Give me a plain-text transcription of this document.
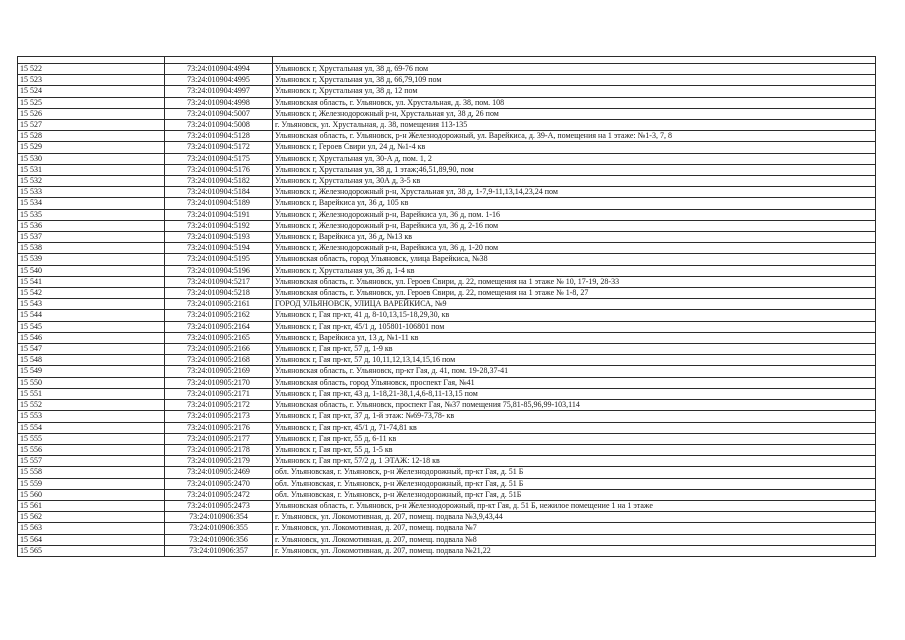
15 522	73:24:010904:4994	Ульяновск г, Хрустальная ул, 38 д, 69-76 пом
15 523	73:24:010904:4995	Ульяновск г, Хрустальная ул, 38 д, 66,79,109 пом
15 524	73:24:010904:4997	Ульяновск г, Хрустальная ул, 38 д, 12 пом
15 525	73:24:010904:4998	Ульяновская область, г. Ульяновск, ул. Хрустальная, д. 38, пом. 108
15 526	73:24:010904:5007	Ульяновск г, Железнодорожный р-н, Хрустальная ул, 38 д, 26 пом
15 527	73:24:010904:5008	г. Ульяновск, ул. Хрустальная, д. 38, помещения 113-135
15 528	73:24:010904:5128	Ульяновская область, г. Ульяновск, р-н Железнодорожный, ул. Варейкиса, д. 39-А, помещения на 1 этаже: №1-3, 7, 8
15 529	73:24:010904:5172	Ульяновск г, Героев Свири ул, 24 д, №1-4 кв
15 530	73:24:010904:5175	Ульяновск г, Хрустальная ул, 30-А д, пом. 1, 2
15 531	73:24:010904:5176	Ульяновск г, Хрустальная ул, 38 д, 1 этаж;46,51,89,90, пом
15 532	73:24:010904:5182	Ульяновск г, Хрустальная ул, 30А д, 3-5 кв
15 533	73:24:010904:5184	Ульяновск г, Железнодорожный р-н, Хрустальная ул, 38 д, 1-7,9-11,13,14,23,24 пом
15 534	73:24:010904:5189	Ульяновск г, Варейкиса ул, 36 д, 105 кв
15 535	73:24:010904:5191	Ульяновск г, Железнодорожный р-н, Варейкиса ул, 36 д, пом. 1-16
15 536	73:24:010904:5192	Ульяновск г, Железнодорожный р-н, Варейкиса ул, 36 д, 2-16 пом
15 537	73:24:010904:5193	Ульяновск г, Варейкиса ул, 36 д, №13 кв
15 538	73:24:010904:5194	Ульяновск г, Железнодорожный р-н, Варейкиса ул, 36 д, 1-20 пом
15 539	73:24:010904:5195	Ульяновская область, город Ульяновск, улица Варейкиса, №38
15 540	73:24:010904:5196	Ульяновск г, Хрустальная ул, 36 д, 1-4 кв
15 541	73:24:010904:5217	Ульяновская область, г. Ульяновск, ул. Героев Свири, д. 22, помещения на 1 этаже № 10, 17-19, 28-33
15 542	73:24:010904:5218	Ульяновская область, г. Ульяновск, ул. Героев Свири, д. 22, помещения на 1 этаже № 1-8, 27
15 543	73:24:010905:2161	ГОРОД УЛЬЯНОВСК, УЛИЦА ВАРЕЙКИСА, №9
15 544	73:24:010905:2162	Ульяновск г, Гая пр-кт, 41 д, 8-10,13,15-18,29,30, кв
15 545	73:24:010905:2164	Ульяновск г, Гая пр-кт, 45/1 д, 105801-106801 пом
15 546	73:24:010905:2165	Ульяновск г, Варейкиса ул, 13 д, №1-11 кв
15 547	73:24:010905:2166	Ульяновск г, Гая пр-кт, 57 д, 1-9 кв
15 548	73:24:010905:2168	Ульяновск г, Гая пр-кт, 57 д, 10,11,12,13,14,15,16 пом
15 549	73:24:010905:2169	Ульяновская область, г. Ульяновск, пр-кт Гая, д. 41, пом. 19-28,37-41
15 550	73:24:010905:2170	Ульяновская область, город Ульяновск, проспект Гая, №41
15 551	73:24:010905:2171	Ульяновск г, Гая пр-кт, 43 д, 1-18,21-38,1,4,6-8,11-13,15 пом
15 552	73:24:010905:2172	Ульяновская область, г. Ульяновск, проспект Гая, №37 помещения 75,81-85,96,99-103,114
15 553	73:24:010905:2173	Ульяновск г, Гая пр-кт, 37 д, 1-й этаж: №69-73,78- кв
15 554	73:24:010905:2176	Ульяновск г, Гая пр-кт, 45/1 д, 71-74,81 кв
15 555	73:24:010905:2177	Ульяновск г, Гая пр-кт, 55 д, 6-11 кв
15 556	73:24:010905:2178	Ульяновск г, Гая пр-кт, 55 д, 1-5 кв
15 557	73:24:010905:2179	Ульяновск г, Гая пр-кт, 57/2 д, 1 ЭТАЖ: 12-18 кв
15 558	73:24:010905:2469	обл. Ульяновская, г. Ульяновск, р-н Железнодорожный, пр-кт Гая, д. 51 Б
15 559	73:24:010905:2470	обл. Ульяновская, г. Ульяновск, р-н Железнодорожный, пр-кт Гая, д. 51 Б
15 560	73:24:010905:2472	обл. Ульяновская, г. Ульяновск, р-н Железнодорожный, пр-кт Гая, д. 51Б
15 561	73:24:010905:2473	Ульяновская область, г. Ульяновск, р-н Железнодорожный, пр-кт Гая, д. 51 Б, нежилое помещение 1 на 1 этаже
15 562	73:24:010906:354	г. Ульяновск, ул. Локомотивная, д. 207, помещ. подвала №3,9,43,44
15 563	73:24:010906:355	г. Ульяновск, ул. Локомотивная, д. 207, помещ. подвала №7
15 564	73:24:010906:356	г. Ульяновск, ул. Локомотивная, д. 207, помещ. подвала №8
15 565	73:24:010906:357	г. Ульяновск, ул. Локомотивная, д. 207, помещ. подвала №21,22
